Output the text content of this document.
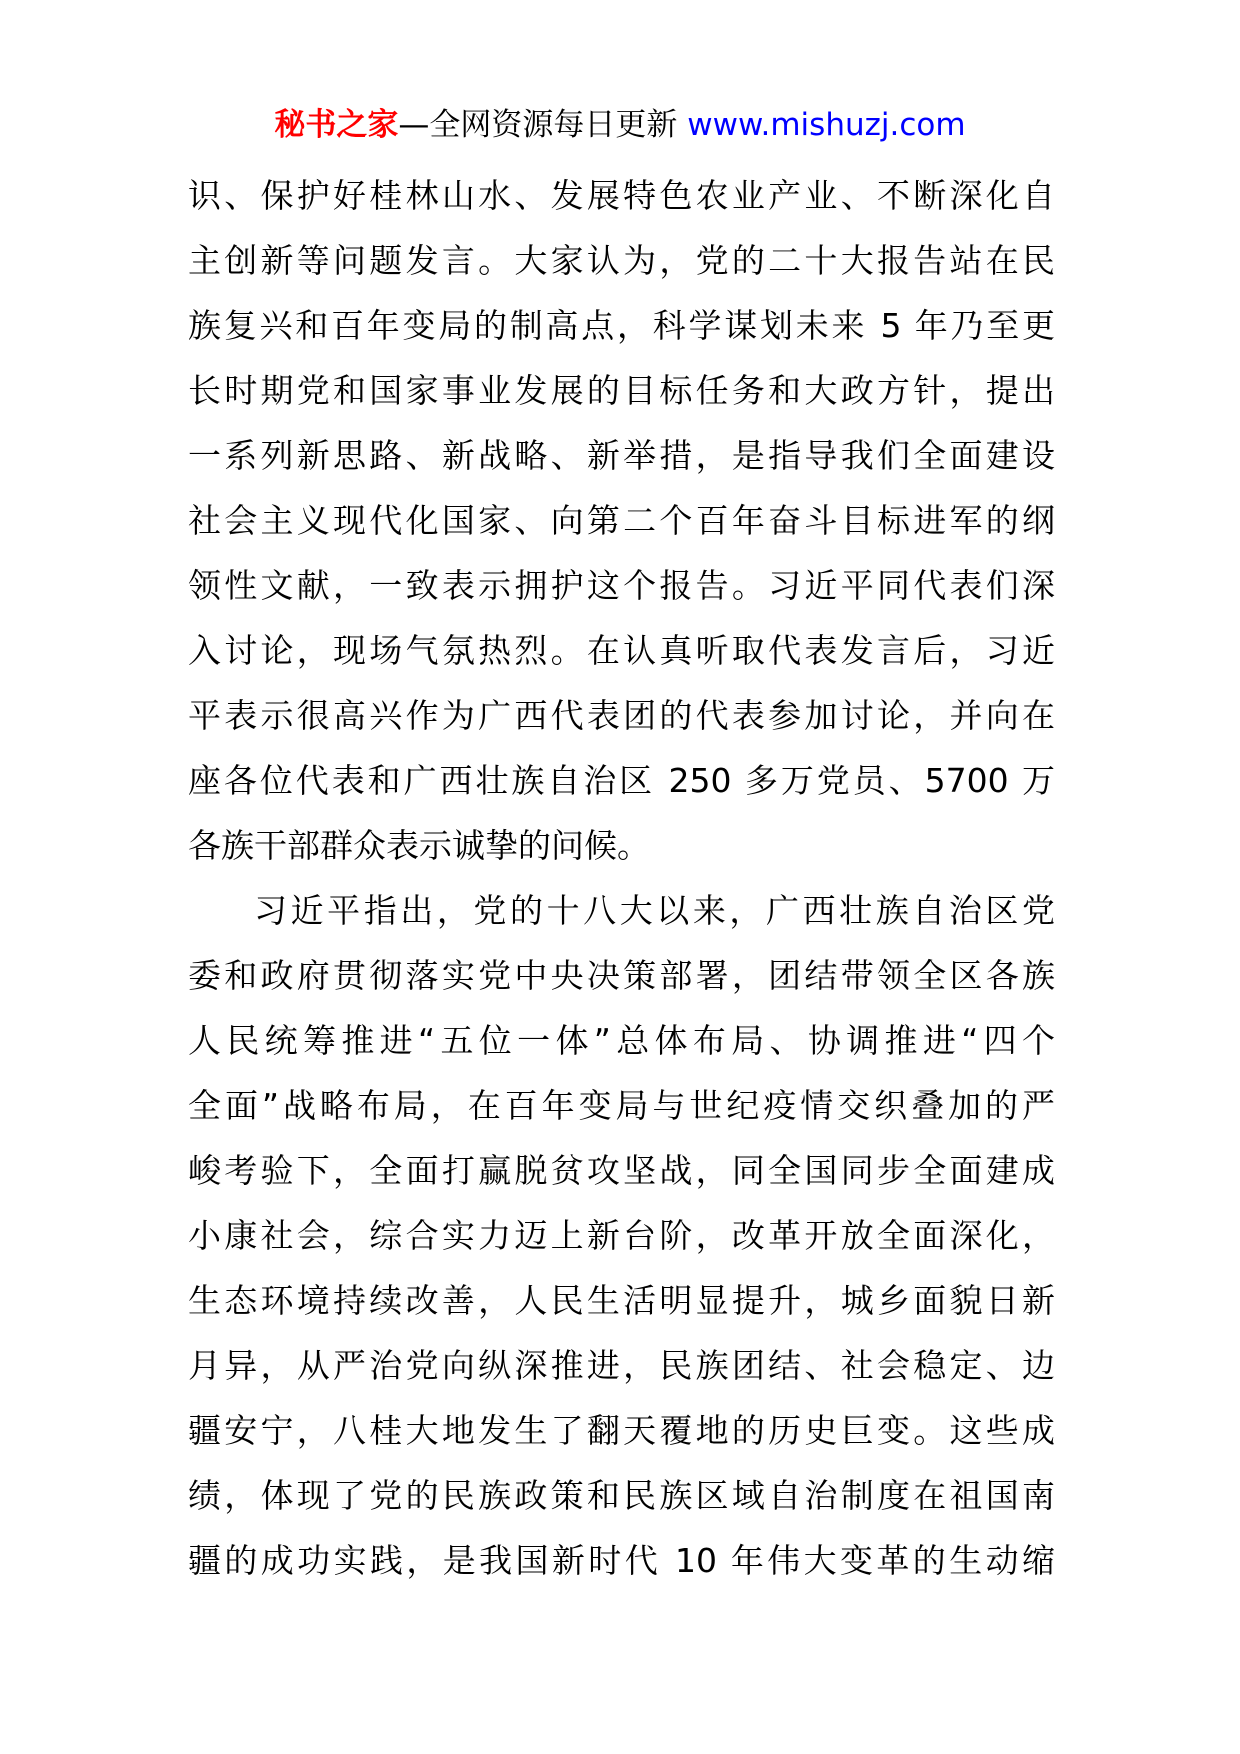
秘书之家—全网资源每日更新 www.mishuzj.com
识、保护好桂林山水、发展特色农业产业、不断深化自
主创新等问题发言。大家认为，党的二十大报告站在民
族复兴和百年变局的制高点，科学谋划未来 5 年乃至更
长时期党和国家事业发展的目标任务和大政方针，提出
一系列新思路、新战略、新举措，是指导我们全面建设
社会主义现代化国家、向第二个百年奋斗目标进军的纲
领性文献，一致表示拥护这个报告。习近平同代表们深
入讨论，现场气氛热烈。在认真听取代表发言后，习近
平表示很高兴作为广西代表团的代表参加讨论，并向在
座各位代表和广西壮族自治区 250 多万党员、5700 万
各族干部群众表示诚挚的问候。
习近平指出，党的十八大以来，广西壮族自治区党
委和政府贯彻落实党中央决策部署，团结带领全区各族
人民统筹推进“五位一体”总体布局、协调推进“四个
全面”战略布局，在百年变局与世纪疫情交织叠加的严
峻考验下，全面打赢脱贫攻坚战，同全国同步全面建成
小康社会，综合实力迈上新台阶，改革开放全面深化，
生态环境持续改善，人民生活明显提升，城乡面貌日新
月异，从严治党向纵深推进，民族团结、社会稳定、边
疆安宁，八桂大地发生了翻天覆地的历史巨变。这些成
绩，体现了党的民族政策和民族区域自治制度在祖国南
疆的成功实践，是我国新时代 10 年伟大变革的生动缩
